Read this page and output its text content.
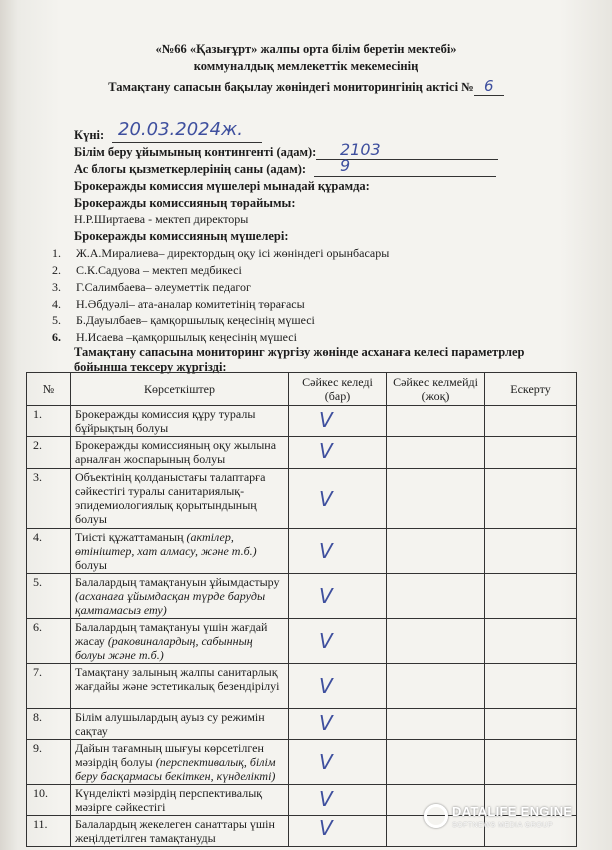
«№66 «Қазығұрт» жалпы орта білім беретін мектебі»
коммуналдық мемлекеттік мекемесінің
Тамақтану сапасын бақылау жөніндегі мониторингінің актісі № 6
Күні: 20.03.2024ж.
Білім беру ұйымының контингенті (адам): 2103
Ас блогы қызметкерлерінің саны (адам): 9
Брокеражды комиссия мүшелері мынадай құрамда:
Брокеражды комиссияның төрайымы:
Н.Р.Ширтаева - мектеп директоры
Брокеражды комиссияның мүшелері:
1. Ж.А.Миралиева– директордың оқу ісі жөніндегі орынбасары
2. С.К.Садуова – мектеп медбикесі
3. Г.Салимбаева– әлеуметтік педагог
4. Н.Әбдуәлі– ата-аналар комитетінің төрағасы
5. Б.Дауылбаев– қамқоршылық кеңесінің мүшесі
6. Н.Исаева –қамқоршылық кеңесінің мүшесі
Тамақтану сапасына мониторинг жүргізу жөнінде асханаға келесі параметрлер
бойынша тексеру жүргізді:
№	Көрсеткіштер	Сәйкес келеді (бар)	Сәйкес келмейді (жоқ)	Ескерту
1.	Брокеражды комиссия құру туралы бұйрықтың болуы	V		

2.	Брокеражды комиссияның оқу жылына арналған жоспарының болуы	V		

3.	Объектінің қолданыстағы талаптарға сәйкестігі туралы санитариялық-эпидемиологиялық қорытындының болуы	V		

4.	Тиісті құжаттаманың (актілер, өтініштер, хат алмасу, және т.б.) болуы	V		

5.	Балалардың тамақтануын ұйымдастыру (асханаға ұйымдасқан түрде баруды қамтамасыз ету)	V		

6.	Балалардың тамақтануы үшін жағдай жасау (раковиналардың, сабынның болуы және т.б.)	V		

7.	Тамақтану залының жалпы санитарлық жағдайы және эстетикалық безендірілуі	V		

8.	Білім алушылардың ауыз су режимін сақтау	V		

9.	Дайын тағамның шығуы көрсетілген мәзірдің болуы (перспективалық, білім беру басқармасы бекіткен, күнделікті)	V		

10.	Күнделікті мәзірдің перспективалық мәзірге сәйкестігі	V		

11.	Балалардың жекелеген санаттары үшін жеңілдетілген тамақтануды	V		

DATALIFE ENGINE
SOFTNEWS MEDIA GROUP
